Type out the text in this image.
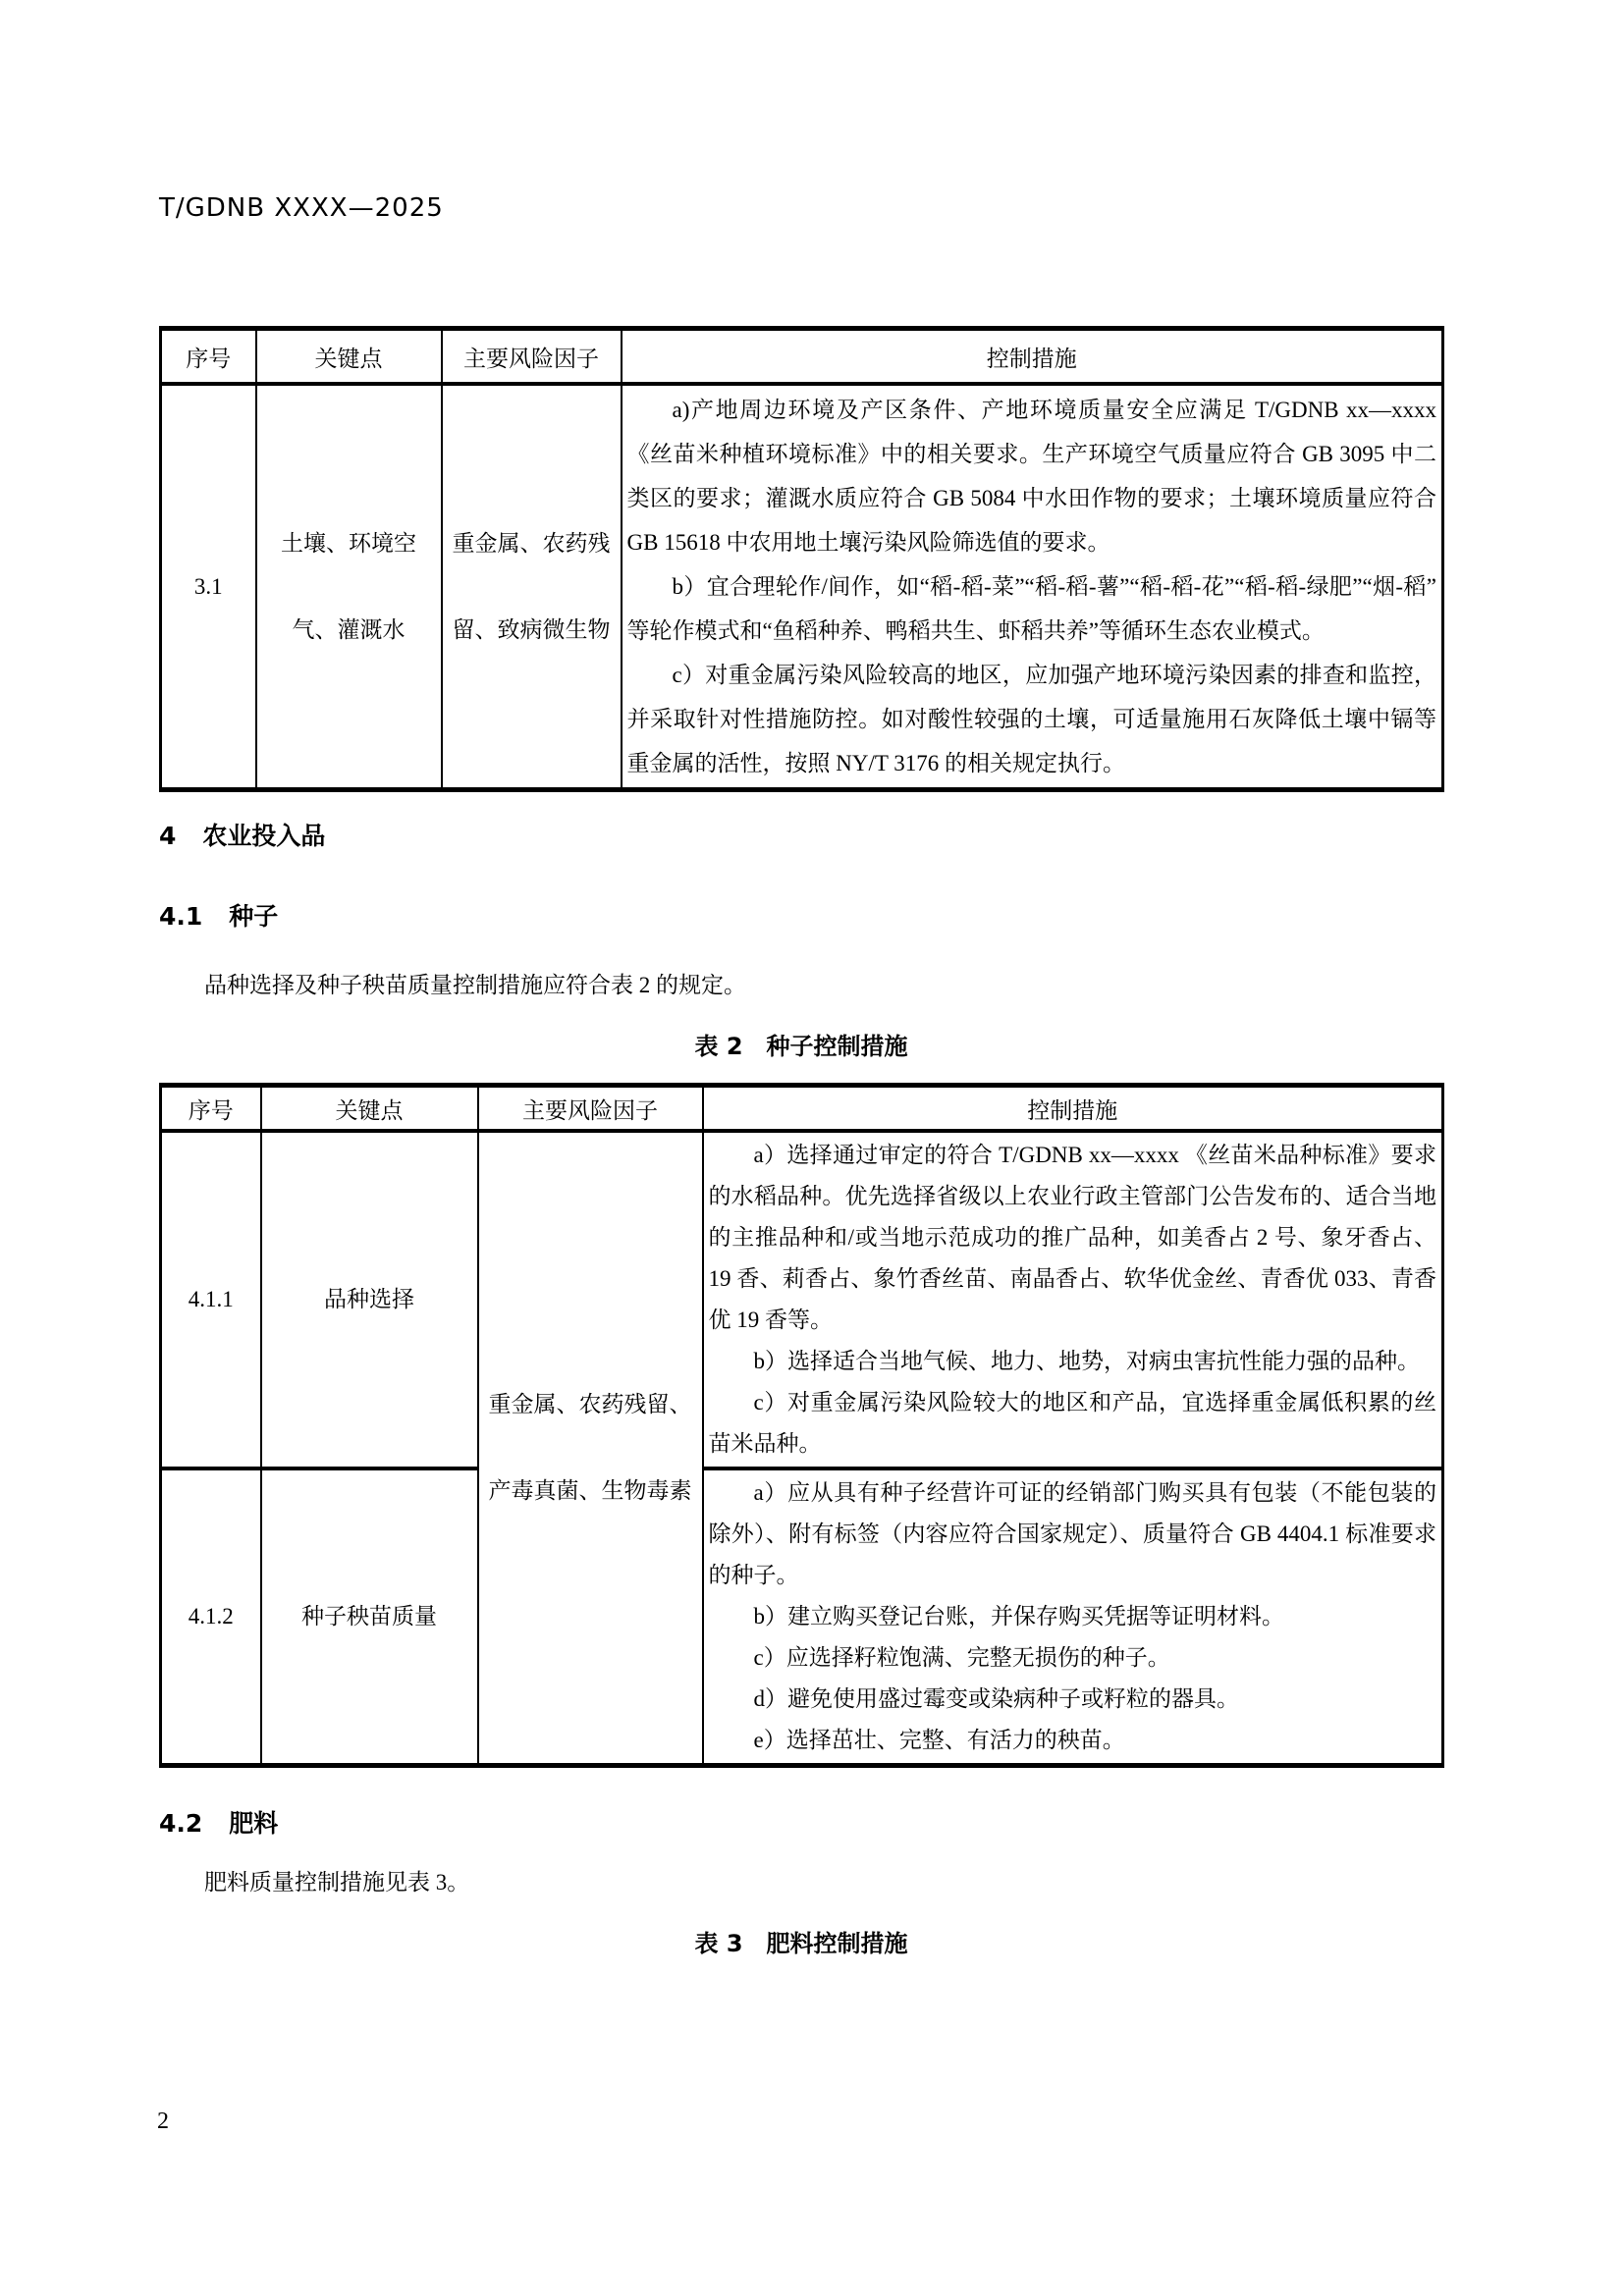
T/GDNB XXXX—2025
序号	关键点	主要风险因子	控制措施
3.1	土壤、环境空气、灌溉水	重金属、农药残留、致病微生物	a)产地周边环境及产区条件、产地环境质量安全应满足 T/GDNB xx—xxxx 《丝苗米种植环境标准》中的相关要求。生产环境空气质量应符合 GB 3095 中二类区的要求；灌溉水质应符合 GB 5084 中水田作物的要求；土壤环境质量应符合 GB 15618 中农用地土壤污染风险筛选值的要求。

b）宜合理轮作/间作，如“稻-稻-菜”“稻-稻-薯”“稻-稻-花”“稻-稻-绿肥”“烟-稻”等轮作模式和“鱼稻种养、鸭稻共生、虾稻共养”等循环生态农业模式。

c）对重金属污染风险较高的地区，应加强产地环境污染因素的排查和监控，并采取针对性措施防控。如对酸性较强的土壤，可适量施用石灰降低土壤中镉等重金属的活性，按照 NY/T 3176 的相关规定执行。

4 农业投入品
4.1 种子

品种选择及种子秧苗质量控制措施应符合表 2 的规定。

表 2 种子控制措施
序号	关键点	主要风险因子	控制措施
4.1.1	品种选择	重金属、农药残留、产毒真菌、生物毒素	a）选择通过审定的符合 T/GDNB xx—xxxx 《丝苗米品种标准》要求的水稻品种。优先选择省级以上农业行政主管部门公告发布的、适合当地的主推品种和/或当地示范成功的推广品种，如美香占 2 号、象牙香占、19 香、莉香占、象竹香丝苗、南晶香占、软华优金丝、青香优 033、青香优 19 香等。

b）选择适合当地气候、地力、地势，对病虫害抗性能力强的品种。

c）对重金属污染风险较大的地区和产品，宜选择重金属低积累的丝苗米品种。

4.1.2	种子秧苗质量		a）应从具有种子经营许可证的经销部门购买具有包装（不能包装的除外）、附有标签（内容应符合国家规定）、质量符合 GB 4404.1 标准要求的种子。

b）建立购买登记台账，并保存购买凭据等证明材料。

c）应选择籽粒饱满、完整无损伤的种子。

d）避免使用盛过霉变或染病种子或籽粒的器具。

e）选择茁壮、完整、有活力的秧苗。

4.2 肥料

肥料质量控制措施见表 3。

表 3 肥料控制措施
2
